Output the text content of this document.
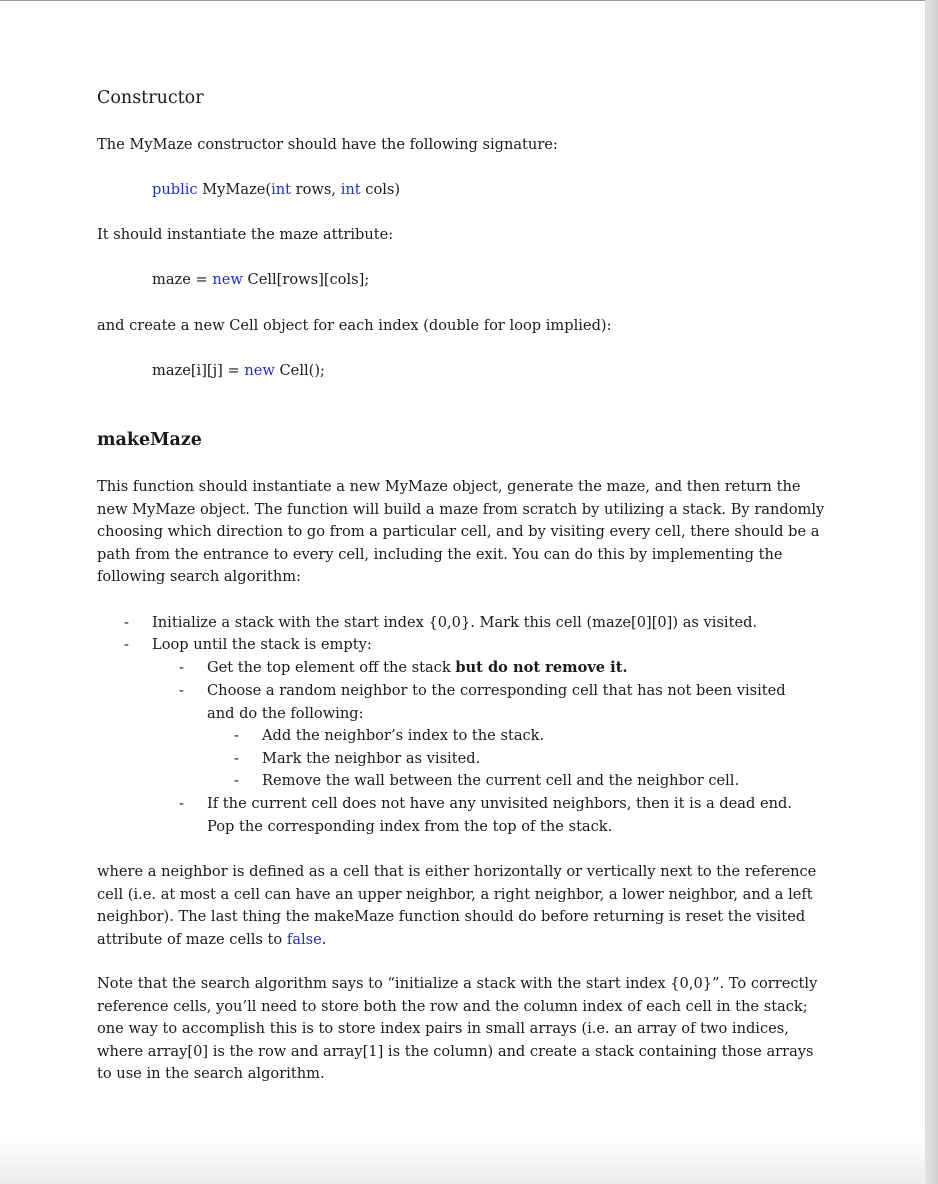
Constructor
The MyMaze constructor should have the following signature:
public MyMaze(int rows, int cols)
It should instantiate the maze attribute:
maze = new Cell[rows][cols];
and create a new Cell object for each index (double for loop implied):
maze[i][j] = new Cell();
makeMaze
This function should instantiate a new MyMaze object, generate the maze, and then return the new MyMaze object. The function will build a maze from scratch by utilizing a stack. By randomly choosing which direction to go from a particular cell, and by visiting every cell, there should be a path from the entrance to every cell, including the exit. You can do this by implementing the following search algorithm:
- Initialize a stack with the start index {0,0}. Mark this cell (maze[0][0]) as visited.
- Loop until the stack is empty:
- Get the top element off the stack but do not remove it.
- Choose a random neighbor to the corresponding cell that has not been visited and do the following:
- Add the neighbor’s index to the stack.
- Mark the neighbor as visited.
- Remove the wall between the current cell and the neighbor cell.
- If the current cell does not have any unvisited neighbors, then it is a dead end. Pop the corresponding index from the top of the stack.
where a neighbor is defined as a cell that is either horizontally or vertically next to the reference cell (i.e. at most a cell can have an upper neighbor, a right neighbor, a lower neighbor, and a left neighbor). The last thing the makeMaze function should do before returning is reset the visited attribute of maze cells to false.
Note that the search algorithm says to “initialize a stack with the start index {0,0}”. To correctly reference cells, you’ll need to store both the row and the column index of each cell in the stack; one way to accomplish this is to store index pairs in small arrays (i.e. an array of two indices, where array[0] is the row and array[1] is the column) and create a stack containing those arrays to use in the search algorithm.
